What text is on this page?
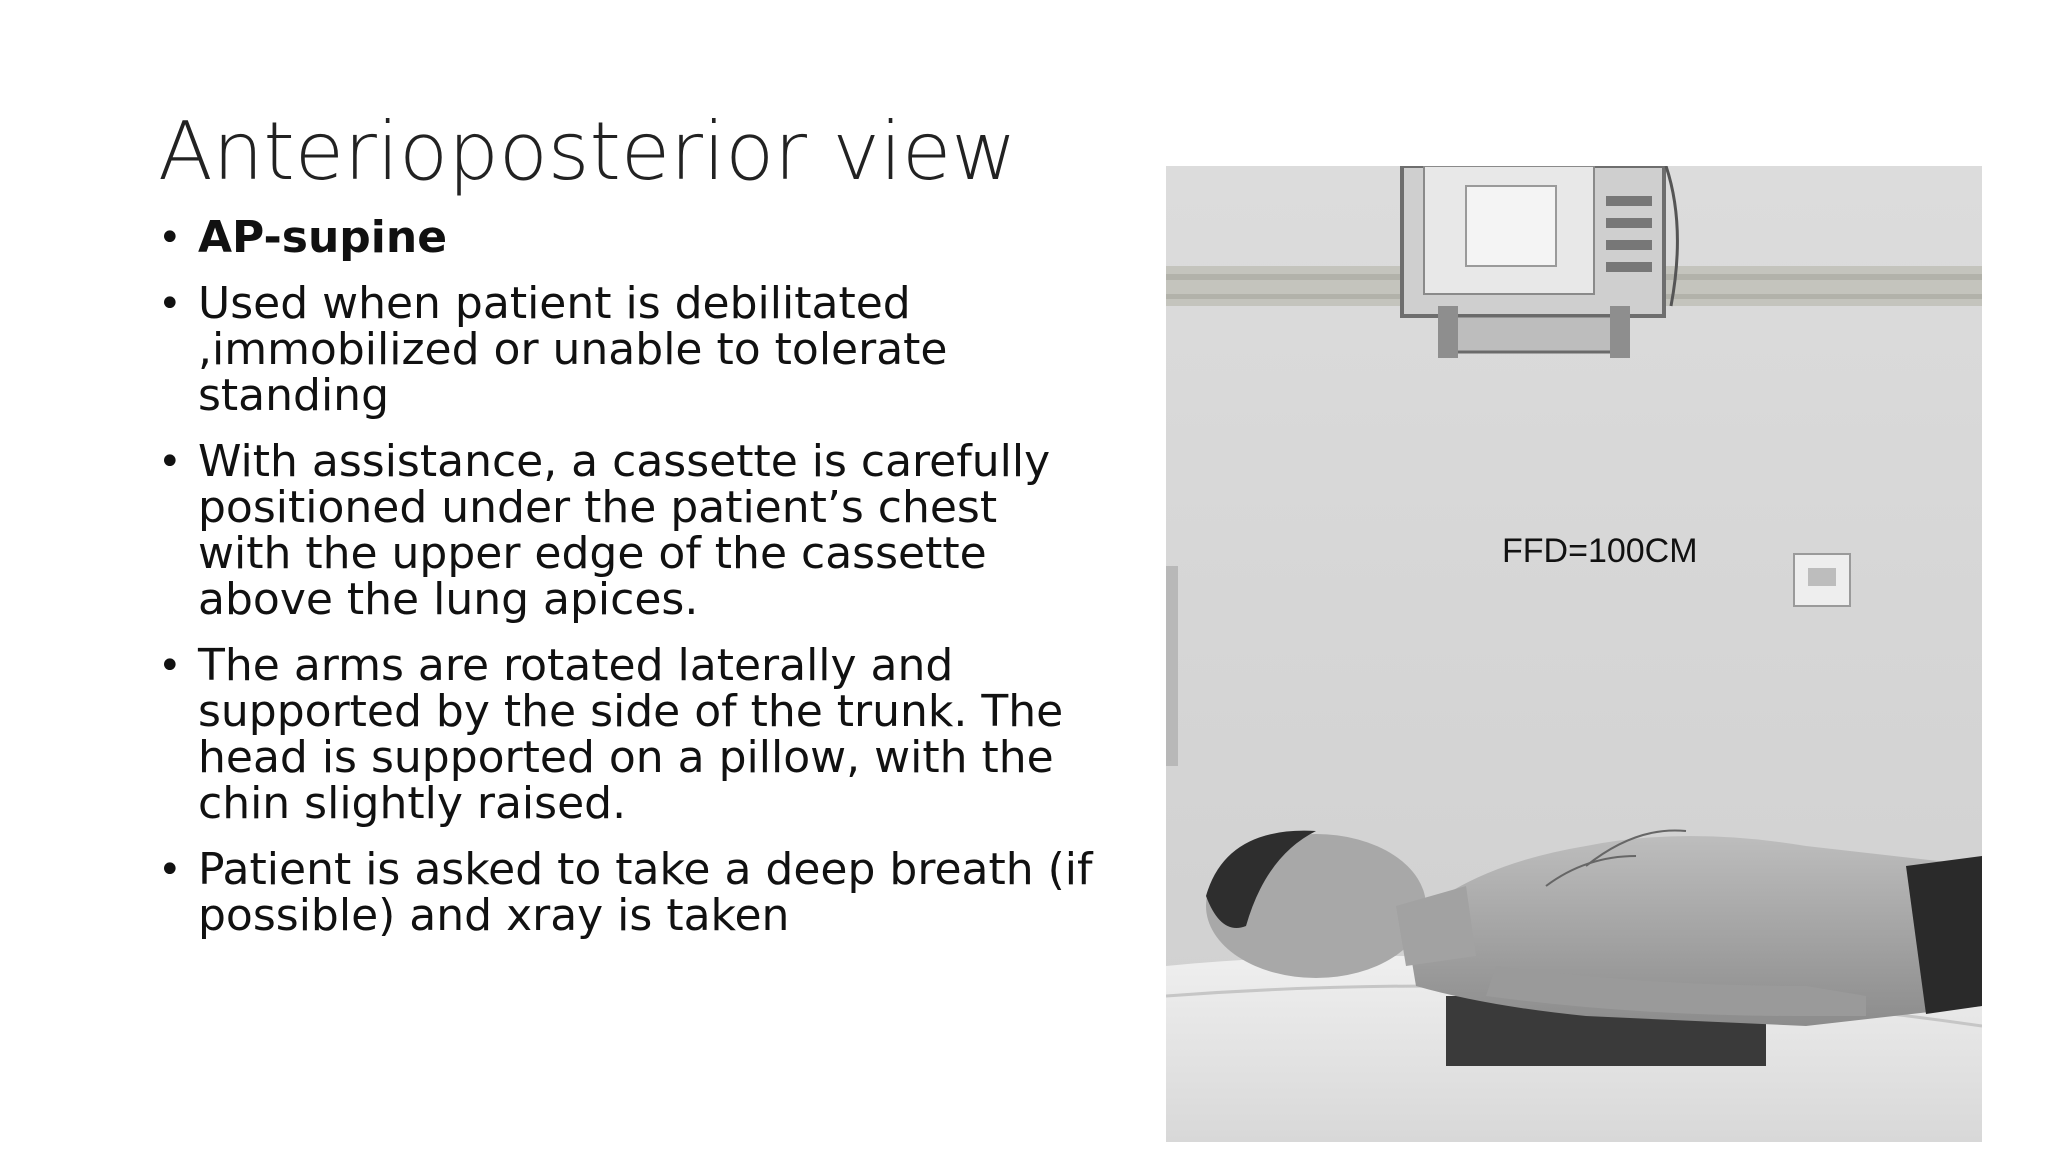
Anterioposterior view
• AP-supine
• Used when patient is debilitated ,immobilized or unable to tolerate standing
• With assistance, a cassette is carefully positioned under the patient’s chest with the upper edge of the cassette above the lung apices.
• The arms are rotated laterally and supported by the side of the trunk. The head is supported on a pillow, with the chin slightly raised.
• Patient is asked to take a deep breath (if possible) and xray is taken
FFD=100CM
